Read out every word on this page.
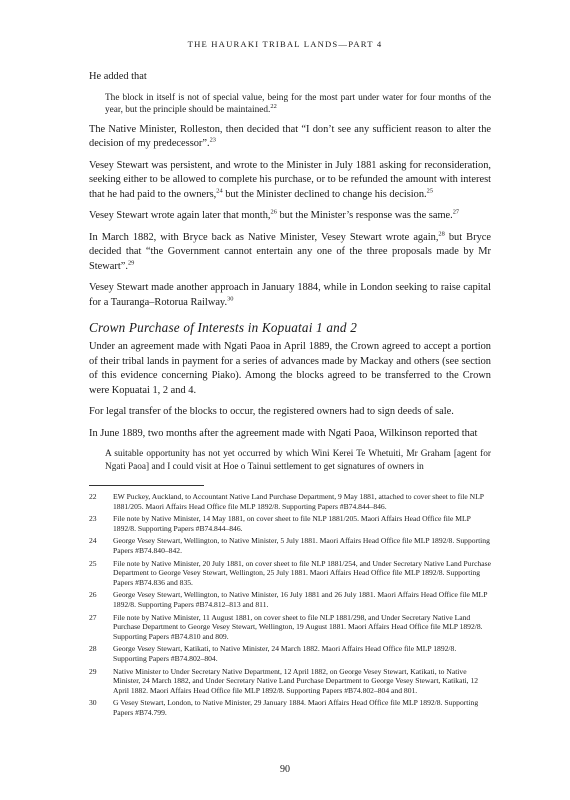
THE HAURAKI TRIBAL LANDS—PART 4

He added that

The block in itself is not of special value, being for the most part under water for four months of the year, but the principle should be maintained.$^{22}$

The Native Minister, Rolleston, then decided that “I don’t see any sufficient reason to alter the decision of my predecessor”.$^{23}$

Vesey Stewart was persistent, and wrote to the Minister in July 1881 asking for reconsideration, seeking either to be allowed to complete his purchase, or to be refunded the amount with interest that he had paid to the owners,$^{24}$ but the Minister declined to change his decision.$^{25}$

Vesey Stewart wrote again later that month,$^{26}$ but the Minister’s response was the same.$^{27}$

In March 1882, with Bryce back as Native Minister, Vesey Stewart wrote again,$^{28}$ but Bryce decided that “the Government cannot entertain any one of the three proposals made by Mr Stewart”.$^{29}$

Vesey Stewart made another approach in January 1884, while in London seeking to raise capital for a Tauranga–Rotorua Railway.$^{30}$

Crown Purchase of Interests in Kopuatai 1 and 2

Under an agreement made with Ngati Paoa in April 1889, the Crown agreed to accept a portion of their tribal lands in payment for a series of advances made by Mackay and others (see section of this evidence concerning Piako). Among the blocks agreed to be transferred to the Crown were Kopuatai 1, 2 and 4.

For legal transfer of the blocks to occur, the registered owners had to sign deeds of sale.

In June 1889, two months after the agreement made with Ngati Paoa, Wilkinson reported that

A suitable opportunity has not yet occurred by which Wini Kerei Te Whetuiti, Mr Graham [agent for Ngati Paoa] and I could visit at Hoe o Tainui settlement to get signatures of owners in

22	EW Puckey, Auckland, to Accountant Native Land Purchase Department, 9 May 1881, attached to cover sheet to file NLP 1881/205. Maori Affairs Head Office file MLP 1892/8. Supporting Papers #B74.844–846.
23	File note by Native Minister, 14 May 1881, on cover sheet to file NLP 1881/205. Maori Affairs Head Office file MLP 1892/8. Supporting Papers #B74.844–846.
24	George Vesey Stewart, Wellington, to Native Minister, 5 July 1881. Maori Affairs Head Office file MLP 1892/8. Supporting Papers #B74.840–842.
25	File note by Native Minister, 20 July 1881, on cover sheet to file NLP 1881/254, and Under Secretary Native Land Purchase Department to George Vesey Stewart, Wellington, 25 July 1881. Maori Affairs Head Office file MLP 1892/8. Supporting Papers #B74.836 and 835.
26	George Vesey Stewart, Wellington, to Native Minister, 16 July 1881 and 26 July 1881. Maori Affairs Head Office file MLP 1892/8. Supporting Papers #B74.812–813 and 811.
27	File note by Native Minister, 11 August 1881, on cover sheet to file NLP 1881/298, and Under Secretary Native Land Purchase Department to George Vesey Stewart, Wellington, 19 August 1881. Maori Affairs Head Office file MLP 1892/8. Supporting Papers #B74.810 and 809.
28	George Vesey Stewart, Katikati, to Native Minister, 24 March 1882. Maori Affairs Head Office file MLP 1892/8. Supporting Papers #B74.802–804.
29	Native Minister to Under Secretary Native Department, 12 April 1882, on George Vesey Stewart, Katikati, to Native Minister, 24 March 1882, and Under Secretary Native Land Purchase Department to George Vesey Stewart, Katikati, 12 April 1882. Maori Affairs Head Office file MLP 1892/8. Supporting Papers #B74.802–804 and 801.
30	G Vesey Stewart, London, to Native Minister, 29 January 1884. Maori Affairs Head Office file MLP 1892/8. Supporting Papers #B74.799.
90
